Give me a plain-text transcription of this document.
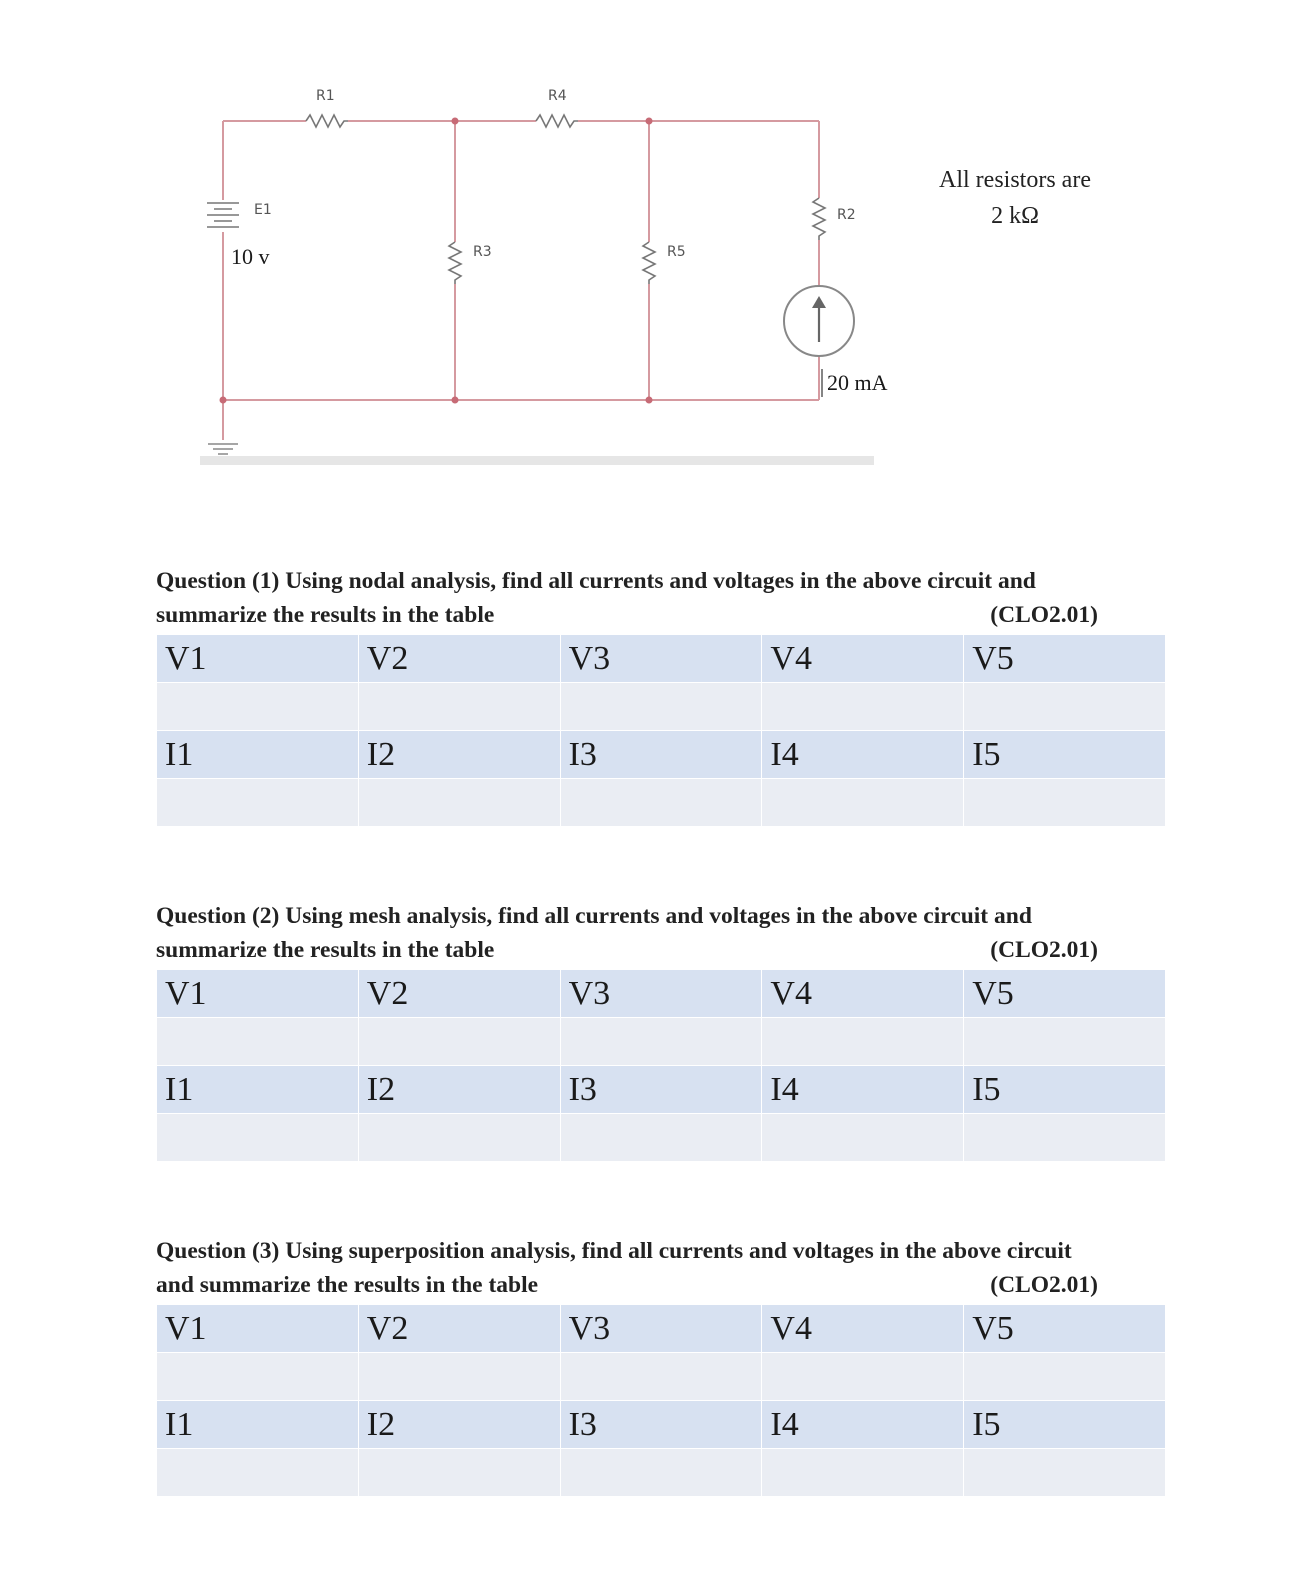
R1	R4
R2
R3	R5
E1
10 v
20 mA
All resistors are
2 kΩ
Question (1) Using nodal analysis, find all currents and voltages in the above circuit and
summarize the results in the table	(CLO2.01)
V1	V2	V3	V4	V5

I1	I2	I3	I4	I5

Question (2) Using mesh analysis, find all currents and voltages in the above circuit and
summarize the results in the table	(CLO2.01)
V1	V2	V3	V4	V5

I1	I2	I3	I4	I5

Question (3) Using superposition analysis, find all currents and voltages in the above circuit
and summarize the results in the table	(CLO2.01)
V1	V2	V3	V4	V5

I1	I2	I3	I4	I5
